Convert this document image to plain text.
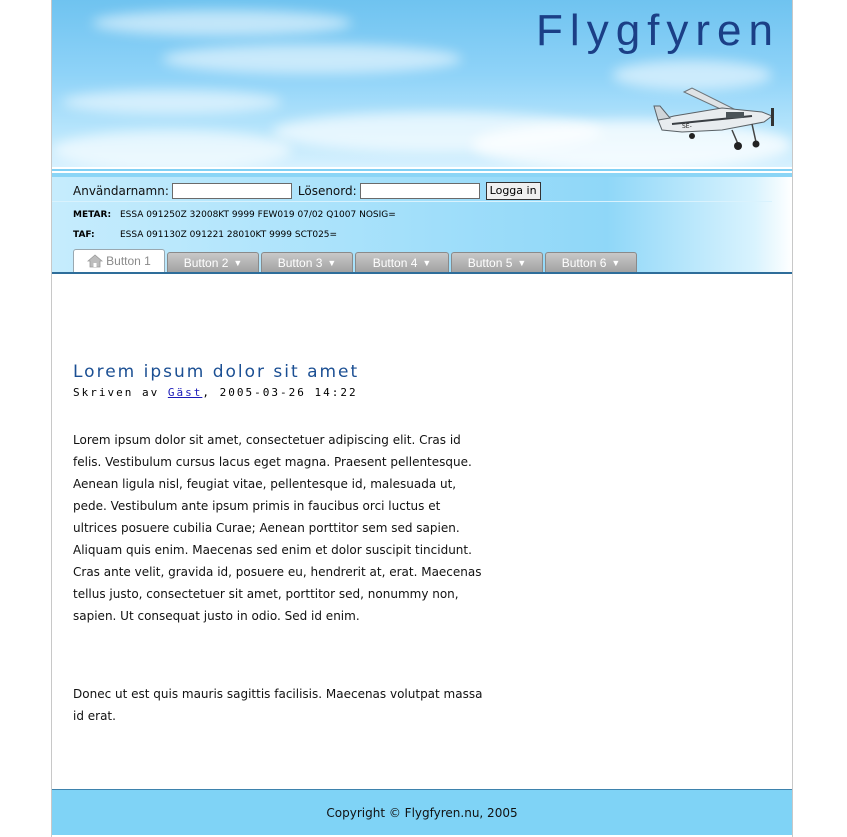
Flygfyren
SE-
Användarnamn:	Lösenord:	Logga in
METAR: ESSA 091250Z 32008KT 9999 FEW019 07/02 Q1007 NOSIG=
TAF:	ESSA 091130Z 091221 28010KT 9999 SCT025=
Button 1	Button 2 ▼	Button 3 ▼	Button 4 ▼	Button 5 ▼	Button 6 ▼
Lorem ipsum dolor sit amet
Skriven av Gäst, 2005-03-26 14:22
Lorem ipsum dolor sit amet, consectetuer adipiscing elit. Cras id felis. Vestibulum cursus lacus eget magna. Praesent pellentesque. Aenean ligula nisl, feugiat vitae, pellentesque id, malesuada ut, pede. Vestibulum ante ipsum primis in faucibus orci luctus et ultrices posuere cubilia Curae; Aenean porttitor sem sed sapien. Aliquam quis enim. Maecenas sed enim et dolor suscipit tincidunt. Cras ante velit, gravida id, posuere eu, hendrerit at, erat. Maecenas tellus justo, consectetuer sit amet, porttitor sed, nonummy non, sapien. Ut consequat justo in odio. Sed id enim.
Donec ut est quis mauris sagittis facilisis. Maecenas volutpat massa id erat.
Copyright © Flygfyren.nu, 2005
